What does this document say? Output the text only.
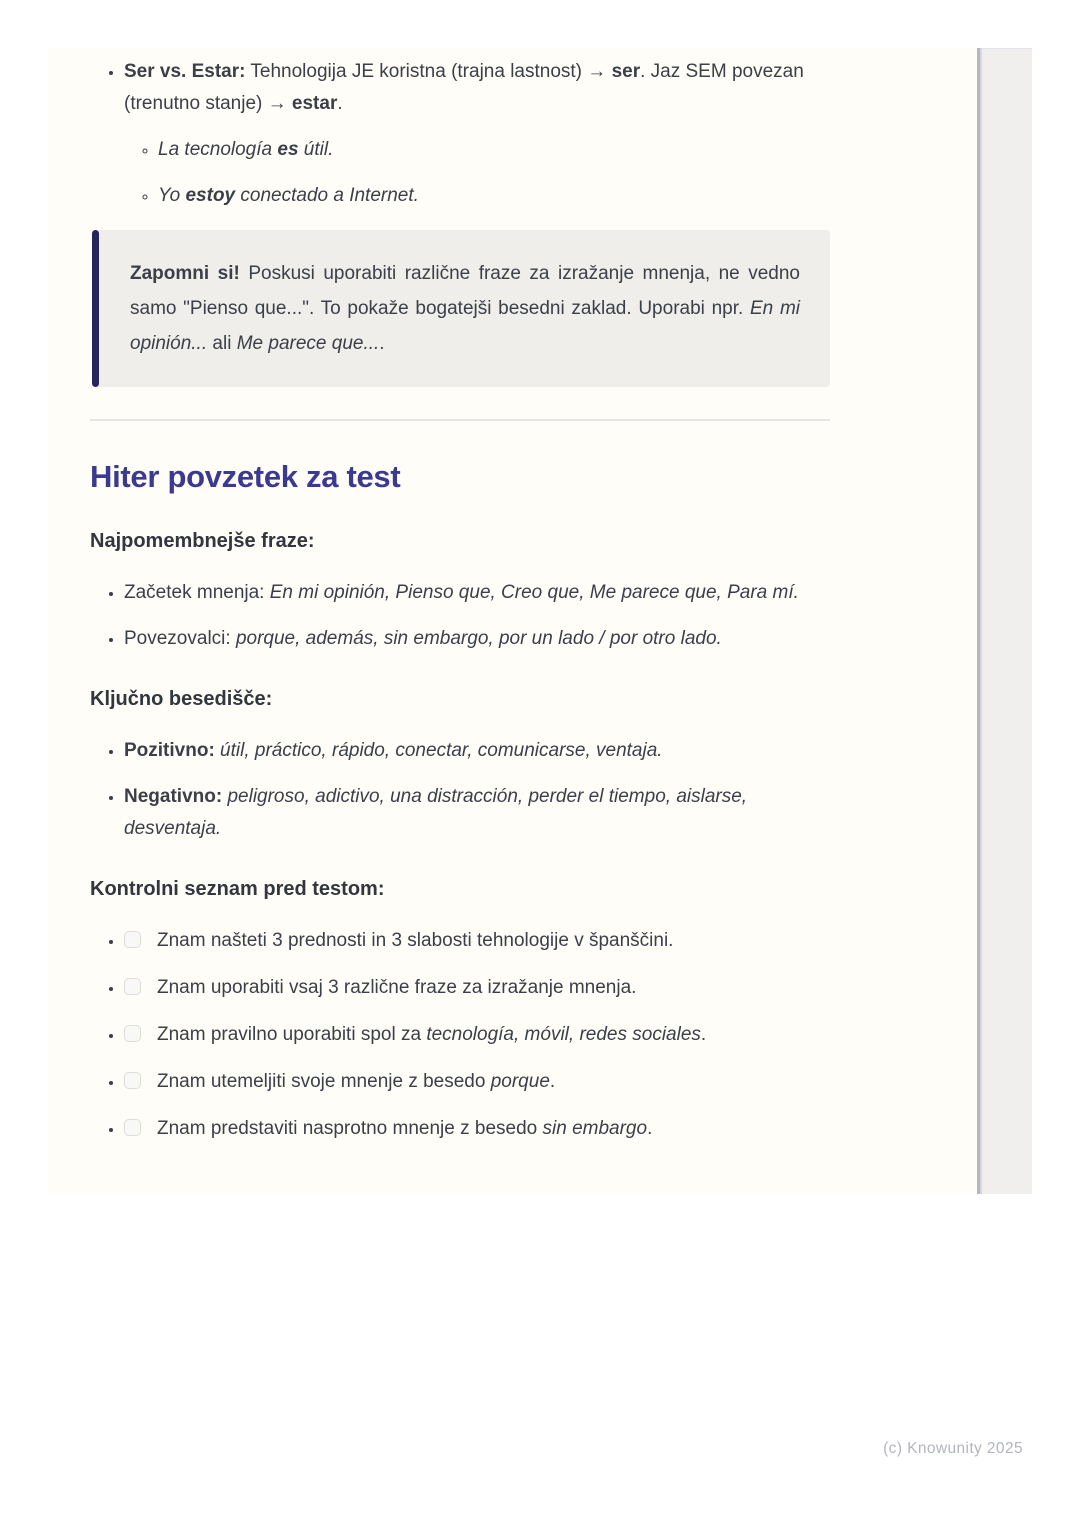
• Ser vs. Estar: Tehnologija JE koristna (trajna lastnost) → ser. Jaz SEM povezan (trenutno stanje) → estar.
◦ La tecnología es útil.
◦ Yo estoy conectado a Internet.

Zapomni si! Poskusi uporabiti različne fraze za izražanje mnenja, ne vedno samo "Pienso que...". To pokaže bogatejši besedni zaklad. Uporabi npr. En mi opinión... ali Me parece que....

Hiter povzetek za test
Najpomembnejše fraze:
• Začetek mnenja: En mi opinión, Pienso que, Creo que, Me parece que, Para mí.
• Povezovalci: porque, además, sin embargo, por un lado / por otro lado.
Ključno besedišče:
• Pozitivno: útil, práctico, rápido, conectar, comunicarse, ventaja.
• Negativno: peligroso, adictivo, una distracción, perder el tiempo, aislarse, desventaja.
Kontrolni seznam pred testom:
• Znam našteti 3 prednosti in 3 slabosti tehnologije v španščini.
• Znam uporabiti vsaj 3 različne fraze za izražanje mnenja.
• Znam pravilno uporabiti spol za tecnología, móvil, redes sociales.
• Znam utemeljiti svoje mnenje z besedo porque.
• Znam predstaviti nasprotno mnenje z besedo sin embargo.
(c) Knowunity 2025
